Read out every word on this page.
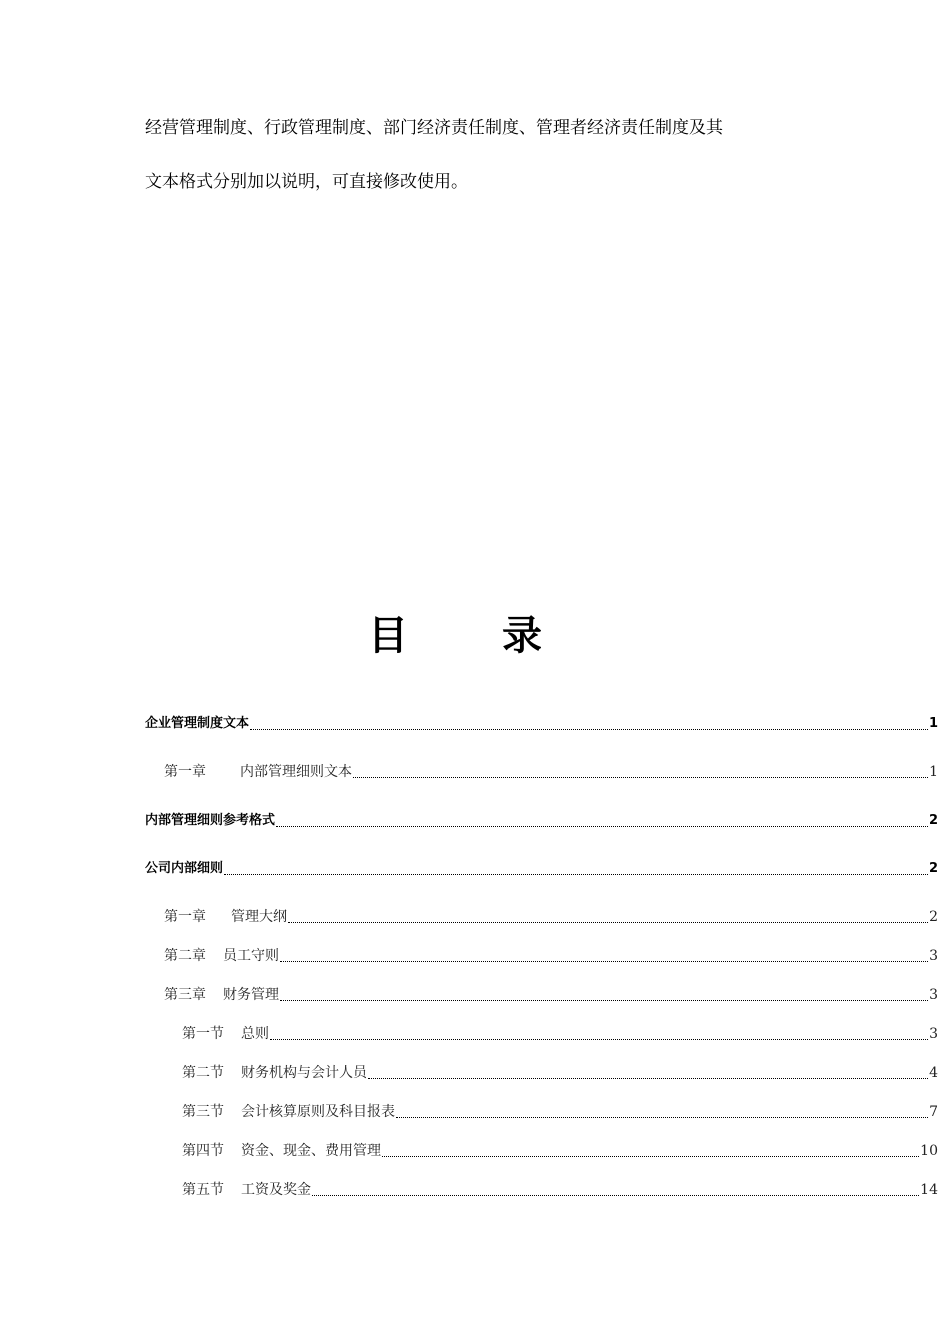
经营管理制度、行政管理制度、部门经济责任制度、管理者经济责任制度及其

文本格式分别加以说明，可直接修改使用。

目 录
企业管理制度文本	1
第一章 内部管理细则文本	1
内部管理细则参考格式	2
公司内部细则	2
第一章 管理大纲	2
第二章 员工守则	3
第三章 财务管理	3
第一节 总则	3
第二节 财务机构与会计人员	4
第三节 会计核算原则及科目报表	7
第四节 资金、现金、费用管理	10
第五节 工资及奖金	14
